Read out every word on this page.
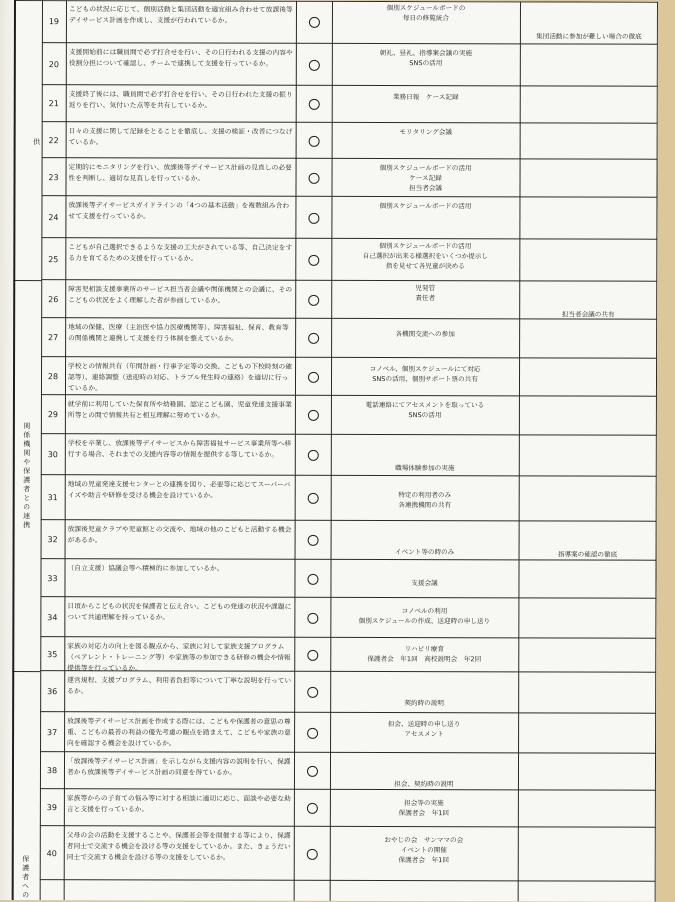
19
こどもの状況に応じて、個別活動と集団活動を適宜組み合わせて放課後等デイサービス計画を作成し、支援が行われているか。
個別スケジュールボードの
毎日の修覧統合
集団活動に参加が難しい場合の徹底
20
支援開始前には職員間で必ず打合せを行い、その日行われる支援の内容や役割分担について確認し、チームで連携して支援を行っているか。
朝礼、昼礼、指導案会議の実施
SNSの活用
21
支援終了後には、職員間で必ず打合せを行い、その日行われた支援の振り返りを行い、気付いた点等を共有しているか。
業務日報　ケース記録
22
日々の支援に関して記録をとることを徹底し、支援の検証・改善につなげているか。
モリタリング会議
23
定期的にモニタリングを行い、放課後等デイサービス計画の見直しの必要性を判断し、適切な見直しを行っているか。
個別スケジュールボードの活用
ケース記録
担当者会議
24
放課後等デイサービスガイドラインの「4つの基本活動」を複数組み合わせて支援を行っているか。
個別スケジュールボードの活用
25
こどもが自己選択できるような支援の工夫がされている等、自己決定をする力を育てるための支援を行っているか。
個別スケジュールボードの活用
自己選択が出来る様選択をいくつか提示し
指を見せて各児童が決める
26
障害児相談支援事業所のサービス担当者会議や関係機関との会議に、そのこどもの状況をよく理解した者が参画しているか。
児発管
責任者
担当者会議の共有
27
地域の保健、医療（主治医や協力医療機関等）、障害福祉、保育、教育等の関係機関と連携して支援を行う体制を整えているか。
各機関交流への参加
28
学校との情報共有（年間計画・行事予定等の交換、こどもの下校時刻の確認等）、連絡調整（送迎時の対応、トラブル発生時の連絡）を適切に行っているか。
コノベル、個別スケジュールにて対応
SNSの活用、個別サポート票の共有
29
就学前に利用していた保育所や幼稚園、認定こども園、児童発達支援事業所等との間で情報共有と相互理解に努めているか。
電話連絡にてアセスメントを取っている
SNSの活用
30
学校を卒業し、放課後等デイサービスから障害福祉サービス事業所等へ移行する場合、それまでの支援内容等の情報を提供する等しているか。
職場体験参加の実施
31
地域の児童発達支援センターとの連携を図り、必要等に応じてスーパーバイズや助言や研修を受ける機会を設けているか。	特定の利用者のみ
各連携機関の共有
32
放課後児童クラブや児童館との交流や、地域の他のこどもと活動する機会があるか。
イベント等の時のみ	指導案の確認の徹底
33
（自立支援）協議会等へ積極的に参加しているか。
支援会議
34
日頃からこどもの状況を保護者と伝え合い、こどもの発達の状況や課題について共通理解を持っているか。
コノベルの利用
個別スケジュールの作成、送迎時の申し送り
35
家族の対応力の向上を図る観点から、家族に対して家族支援プログラム（ペアレント・トレーニング等）や家族等の参加できる研修の機会や情報提供等を行っているか。
リハビリ療育
保護者会　年1回　高校説明会　年2回
36
運営規程、支援プログラム、利用者負担等について丁寧な説明を行っているか。
契約時の説明
37
放課後等デイサービス計画を作成する際には、こどもや保護者の意思の尊重、こどもの最善の利益の優先考慮の観点を踏まえて、こどもや家族の意向を確認する機会を設けているか。
担会、送迎時の申し送り
アセスメント
38
「放課後等デイサービス計画」を示しながら支援内容の説明を行い、保護者から放課後等デイサービス計画の同意を得ているか。
担会、契約時の説明
39
家族等からの子育ての悩み等に対する相談に適切に応じ、面談や必要な助言と支援を行っているか。
担会等の実施
保護者会　年1回
40
父母の会の活動を支援することや、保護者会等を開催する等により、保護者同士で交流する機会を設ける等の支援をしているか。また、きょうだい同士で交流する機会を設ける等の支援をしているか。
おやじの会　サンママの会
イベントの開催
保護者会　年1回
供
関係機関や保護者との連携
保護者への
